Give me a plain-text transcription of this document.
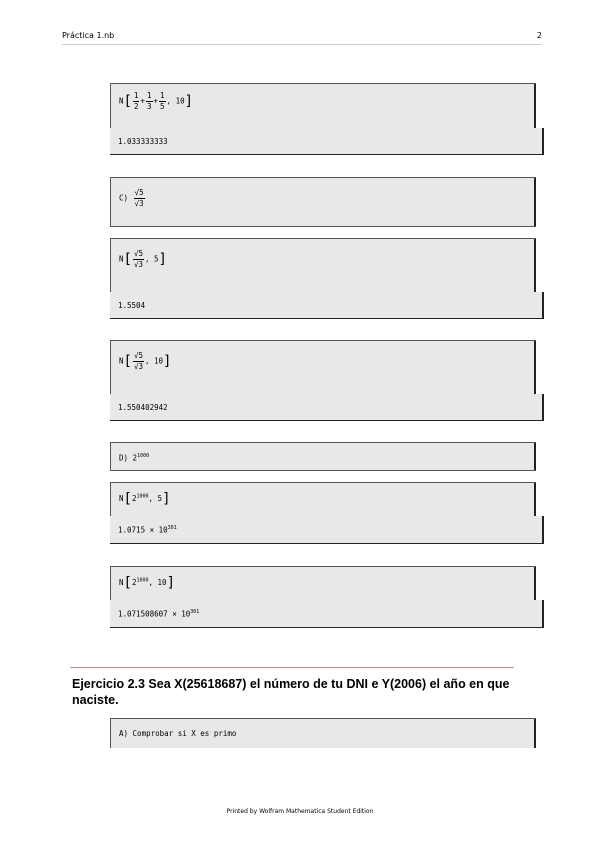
Práctica 1.nb	2
$N[ \frac{1}{2} + \frac{1}{3} + \frac{1}{5}$ , 10]
1.033333333
$C) \frac{√5}{√3}$
$N[ \frac{√5}{√3}$ , 5]
1.5504
$N[ \frac{√5}{√3}$ , 10]
1.550402942
D) $2^{1000}$
$N[2^{1000}$, 5]
$1.0715 \times 10^{301}$
$N[2^{1000}$, 10]
$1.071508607 \times 10^{301}$
Ejercicio 2.3 Sea X(25618687) el número de tu DNI e Y(2006) el año en que naciste.
A) Comprobar si X es primo
Printed by Wolfram Mathematica Student Edition
